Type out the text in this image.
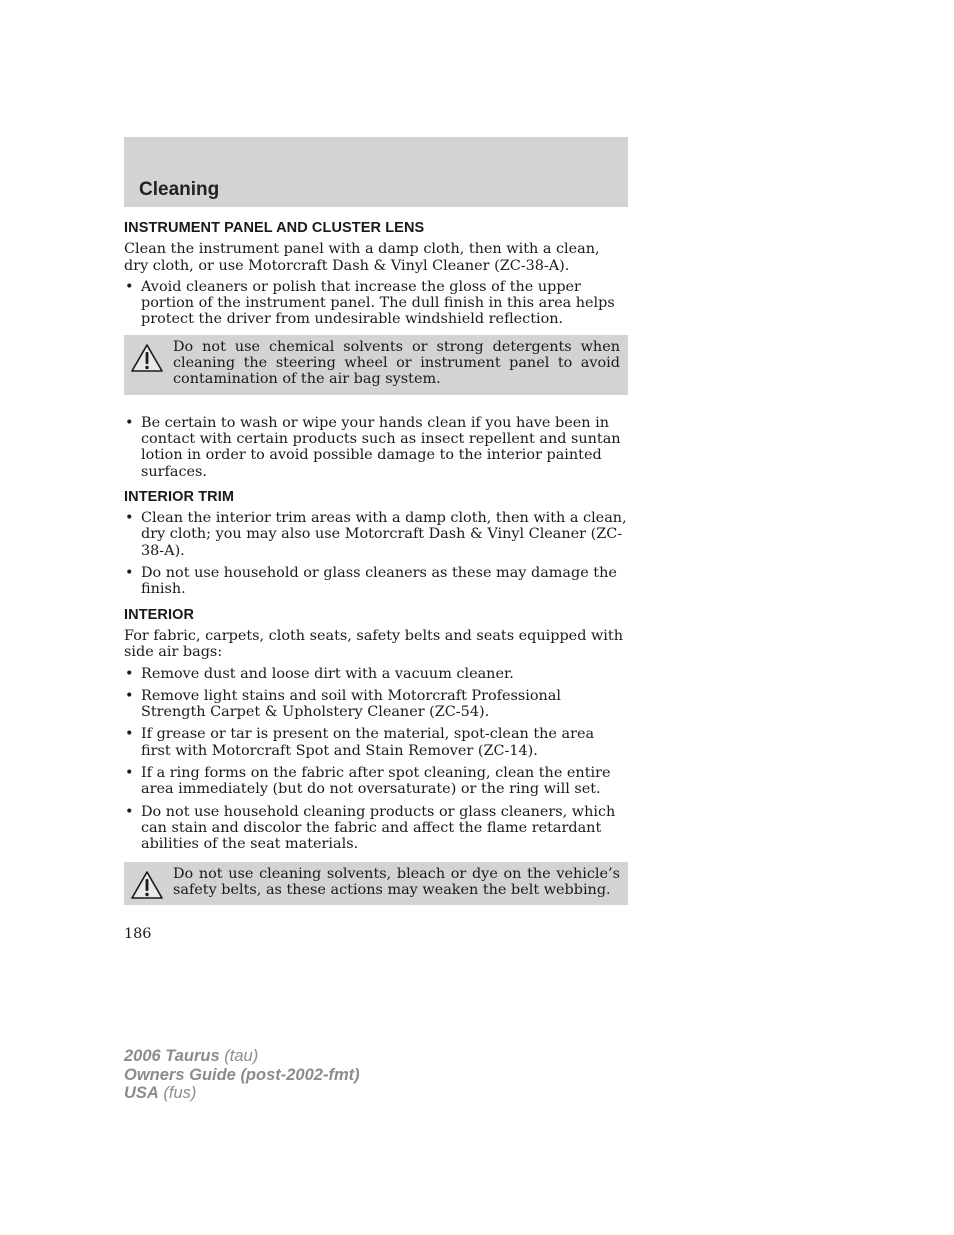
Cleaning
INSTRUMENT PANEL AND CLUSTER LENS

Clean the instrument panel with a damp cloth, then with a clean, dry cloth, or use Motorcraft Dash & Vinyl Cleaner (ZC-38-A).

• Avoid cleaners or polish that increase the gloss of the upper portion of the instrument panel. The dull finish in this area helps protect the driver from undesirable windshield reflection.
Do not use chemical solvents or strong detergents when cleaning the steering wheel or instrument panel to avoid contamination of the air bag system.
• Be certain to wash or wipe your hands clean if you have been in contact with certain products such as insect repellent and suntan lotion in order to avoid possible damage to the interior painted surfaces.
INTERIOR TRIM
• Clean the interior trim areas with a damp cloth, then with a clean, dry cloth; you may also use Motorcraft Dash & Vinyl Cleaner (ZC-38-A).
• Do not use household or glass cleaners as these may damage the finish.
INTERIOR

For fabric, carpets, cloth seats, safety belts and seats equipped with side air bags:

• Remove dust and loose dirt with a vacuum cleaner.
• Remove light stains and soil with Motorcraft Professional Strength Carpet & Upholstery Cleaner (ZC-54).
• If grease or tar is present on the material, spot-clean the area first with Motorcraft Spot and Stain Remover (ZC-14).
• If a ring forms on the fabric after spot cleaning, clean the entire area immediately (but do not oversaturate) or the ring will set.
• Do not use household cleaning products or glass cleaners, which can stain and discolor the fabric and affect the flame retardant abilities of the seat materials.
Do not use cleaning solvents, bleach or dye on the vehicle’s safety belts, as these actions may weaken the belt webbing.
186
2006 Taurus (tau)
Owners Guide (post-2002-fmt)
USA (fus)
